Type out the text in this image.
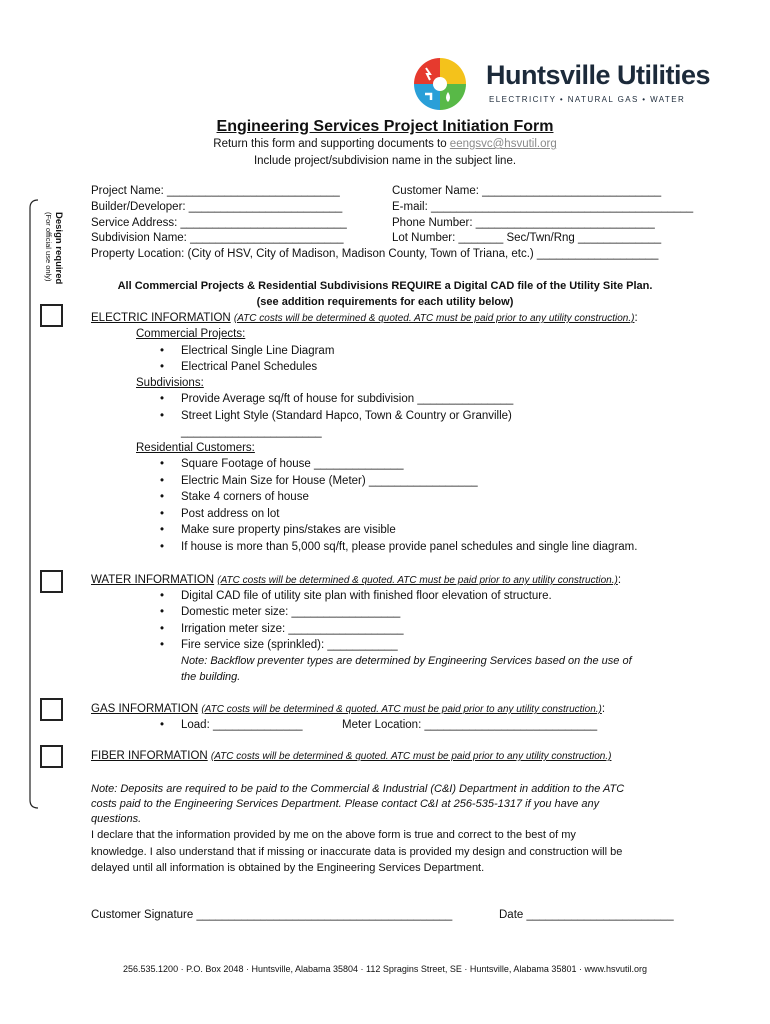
Huntsville Utilities
ELECTRICITY • NATURAL GAS • WATER
Engineering Services Project Initiation Form
Return this form and supporting documents to eengsvc@hsvutil.org
Include project/subdivision name in the subject line.
Design required
(For official use only)
Project Name: ___________________________
Builder/Developer: ________________________
Service Address: __________________________
Subdivision Name: ________________________
Property Location: (City of HSV, City of Madison, Madison County, Town of Triana, etc.) ___________________
Customer Name: ____________________________
E-mail: _________________________________________
Phone Number: ____________________________
Lot Number: _______ Sec/Twn/Rng _____________
All Commercial Projects & Residential Subdivisions REQUIRE a Digital CAD file of the Utility Site Plan.
(see addition requirements for each utility below)
ELECTRIC INFORMATION (ATC costs will be determined & quoted. ATC must be paid prior to any utility construction.):
Commercial Projects:
• Electrical Single Line Diagram
• Electrical Panel Schedules
Subdivisions:
• Provide Average sq/ft of house for subdivision _______________
• Street Light Style (Standard Hapco, Town & Country or Granville)
______________________
Residential Customers:
• Square Footage of house ______________
• Electric Main Size for House (Meter) _________________
• Stake 4 corners of house
• Post address on lot
• Make sure property pins/stakes are visible
• If house is more than 5,000 sq/ft, please provide panel schedules and single line diagram.
WATER INFORMATION (ATC costs will be determined & quoted. ATC must be paid prior to any utility construction.):
• Digital CAD file of utility site plan with finished floor elevation of structure.
• Domestic meter size: _________________
• Irrigation meter size: __________________
• Fire service size (sprinkled): ___________
Note: Backflow preventer types are determined by Engineering Services based on the use of
the building.
GAS INFORMATION (ATC costs will be determined & quoted. ATC must be paid prior to any utility construction.):
• Load: ______________	Meter Location: ___________________________
FIBER INFORMATION (ATC costs will be determined & quoted. ATC must be paid prior to any utility construction.)
Note: Deposits are required to be paid to the Commercial & Industrial (C&I) Department in addition to the ATC
costs paid to the Engineering Services Department. Please contact C&I at 256-535-1317 if you have any
questions.
I declare that the information provided by me on the above form is true and correct to the best of my
knowledge. I also understand that if missing or inaccurate data is provided my design and construction will be
delayed until all information is obtained by the Engineering Services Department.
Customer Signature ________________________________________	Date _______________________
256.535.1200 · P.O. Box 2048 · Huntsville, Alabama 35804 · 112 Spragins Street, SE · Huntsville, Alabama 35801 · www.hsvutil.org
